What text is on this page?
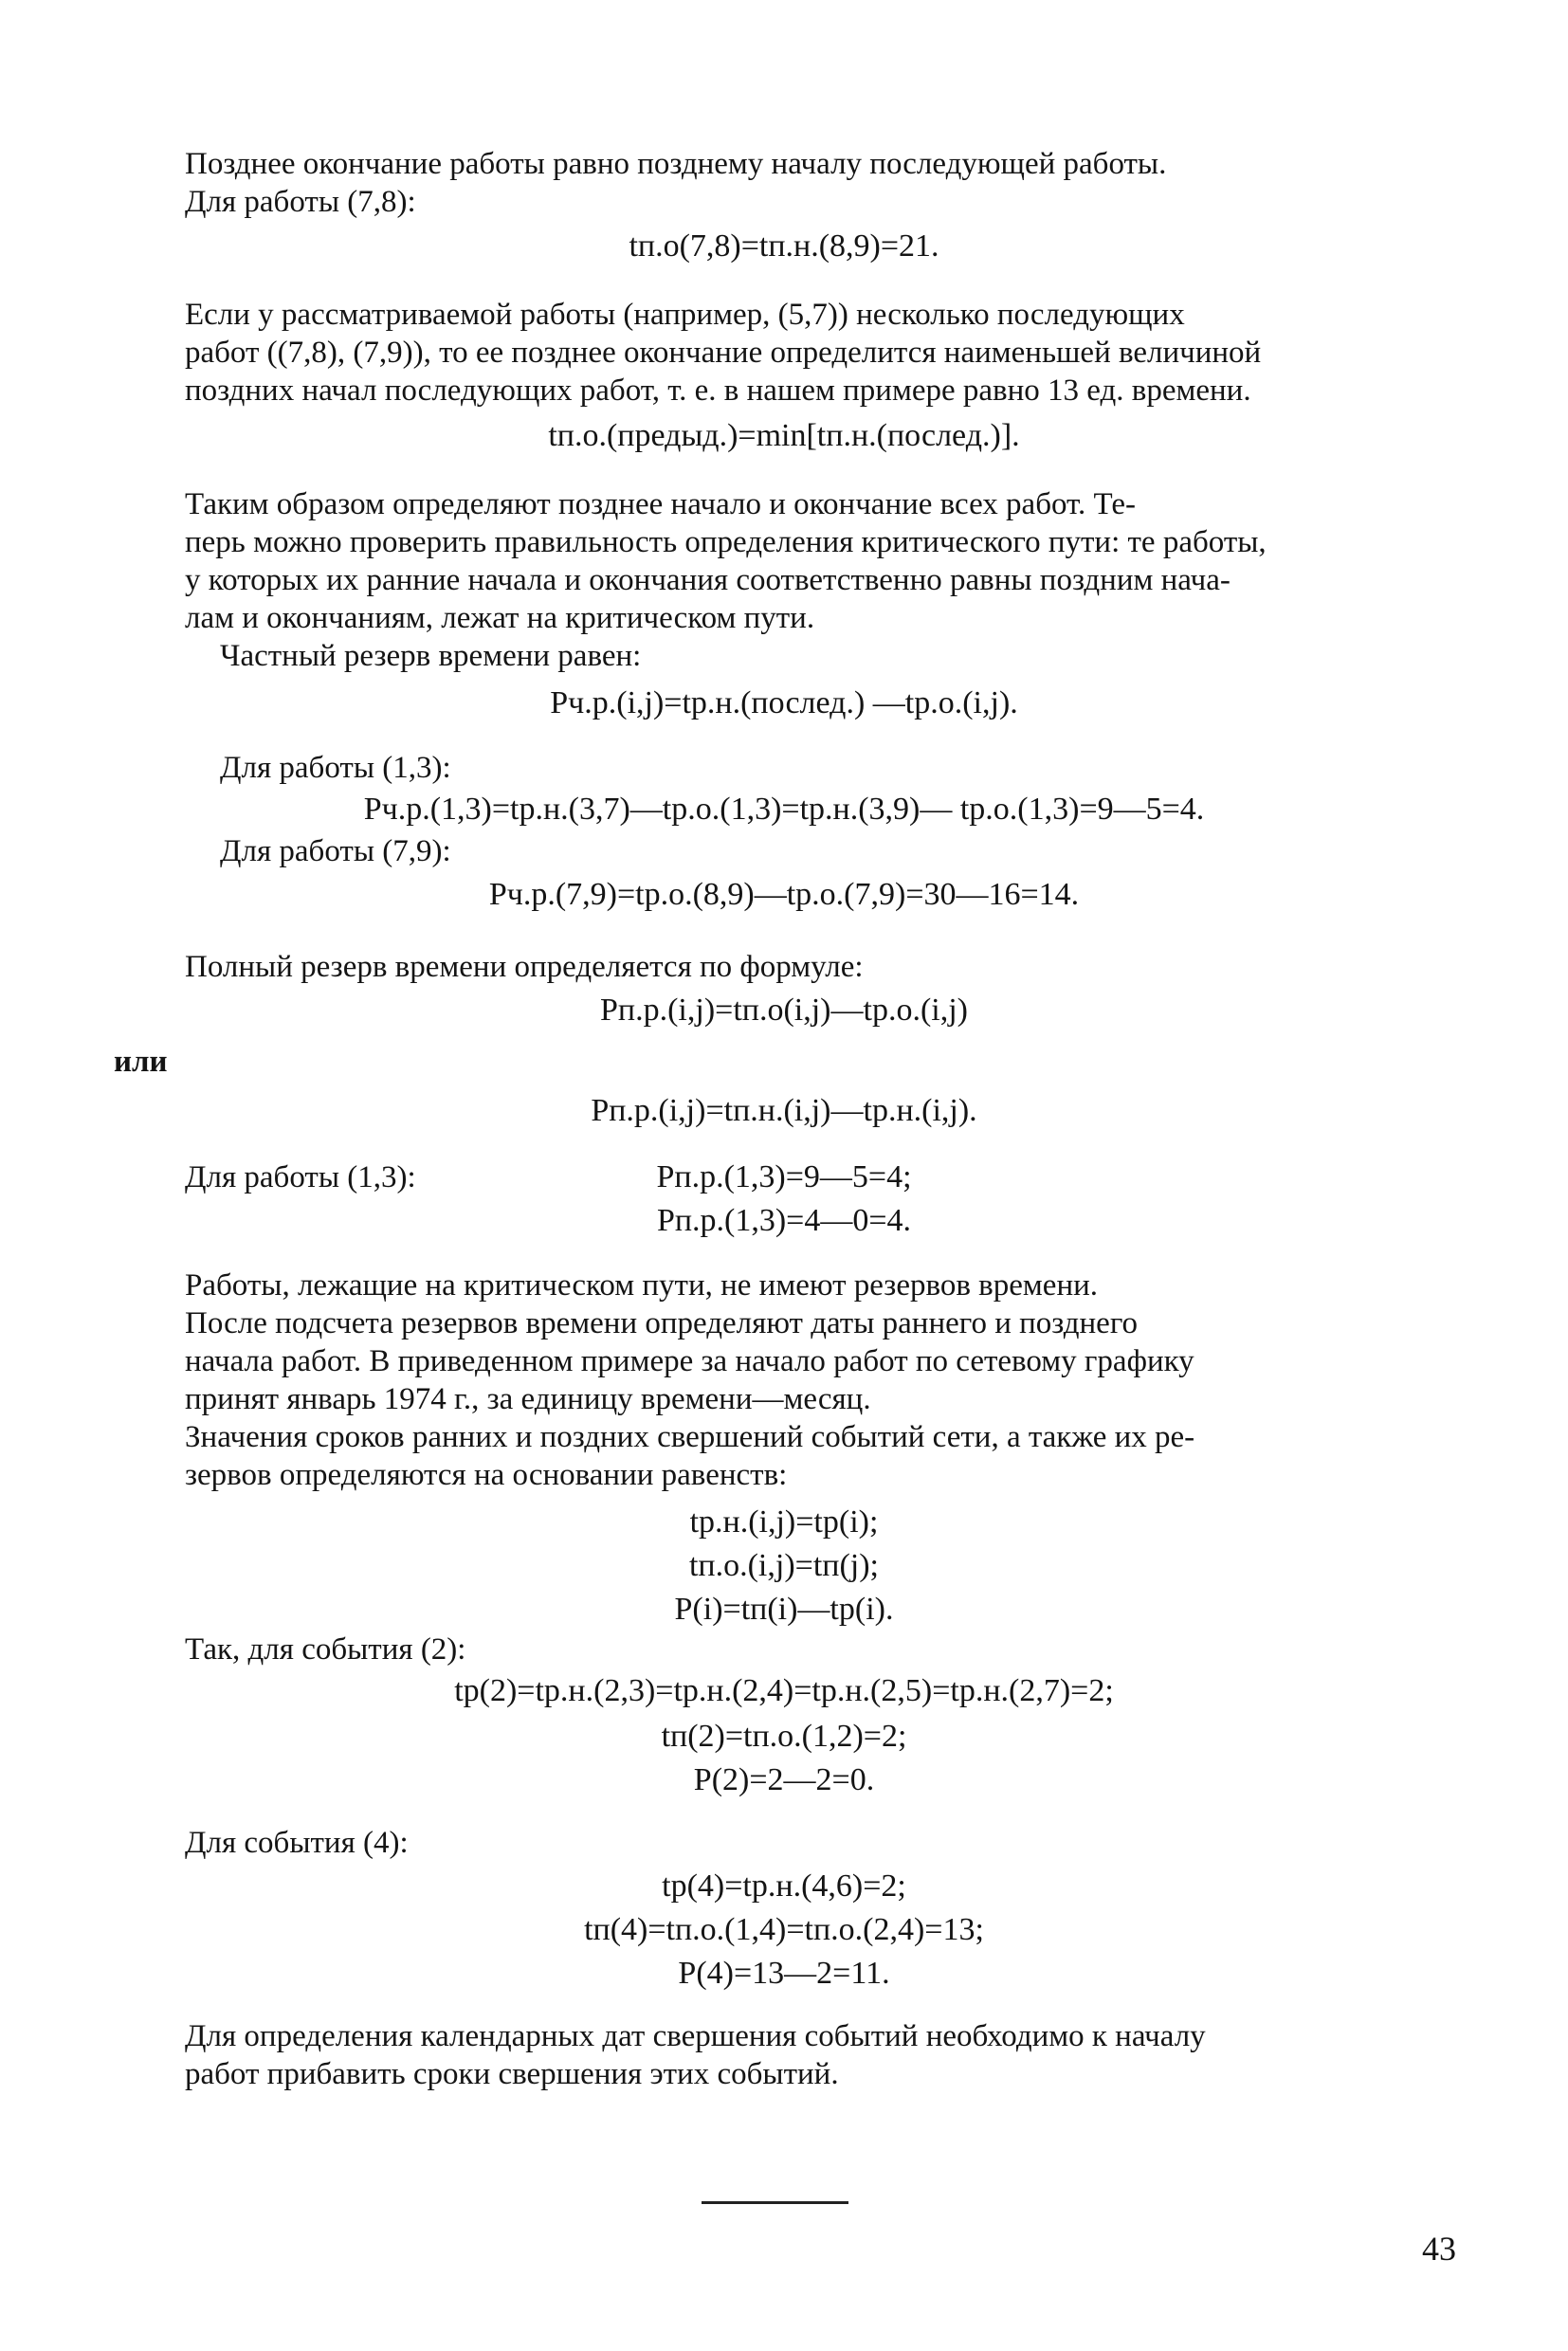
Позднее окончание работы равно позднему началу последующей работы.
Для работы (7,8):
tп.о(7,8)=tп.н.(8,9)=21.
Если у рассматриваемой работы (например, (5,7)) несколько последующих
работ ((7,8), (7,9)), то ее позднее окончание определится наименьшей величиной
поздних начал последующих работ, т. е. в нашем примере равно 13 ед. времени.
tп.о.(предыд.)=min[tп.н.(послед.)].
Таким образом определяют позднее начало и окончание всех работ. Те-
перь можно проверить правильность определения критического пути: те работы,
у которых их ранние начала и окончания соответственно равны поздним нача-
лам и окончаниям, лежат на критическом пути.
Частный резерв времени равен:
Pч.р.(i,j)=tр.н.(послед.) —tр.о.(i,j).
Для работы (1,3):
Pч.р.(1,3)=tр.н.(3,7)—tр.о.(1,3)=tр.н.(3,9)— tр.о.(1,3)=9—5=4.
Для работы (7,9):
Pч.р.(7,9)=tр.о.(8,9)—tр.о.(7,9)=30—16=14.
Полный резерв времени определяется по формуле:
Pп.р.(i,j)=tп.о(i,j)—tр.о.(i,j)
или
Pп.р.(i,j)=tп.н.(i,j)—tр.н.(i,j).
Для работы (1,3):	Pп.р.(1,3)=9—5=4;
Pп.р.(1,3)=4—0=4.
Работы, лежащие на критическом пути, не имеют резервов времени.
После подсчета резервов времени определяют даты раннего и позднего
начала работ. В приведенном примере за начало работ по сетевому графику
принят январь 1974 г., за единицу времени—месяц.
Значения сроков ранних и поздних свершений событий сети, а также их ре-
зервов определяются на основании равенств:
tр.н.(i,j)=tр(i);
tп.о.(i,j)=tп(j);
P(i)=tп(i)—tр(i).
Так, для события (2):
tр(2)=tр.н.(2,3)=tр.н.(2,4)=tр.н.(2,5)=tр.н.(2,7)=2;
tп(2)=tп.о.(1,2)=2;
P(2)=2—2=0.
Для события (4):
tр(4)=tр.н.(4,6)=2;
tп(4)=tп.о.(1,4)=tп.о.(2,4)=13;
P(4)=13—2=11.
Для определения календарных дат свершения событий необходимо к началу
работ прибавить сроки свершения этих событий.
43
